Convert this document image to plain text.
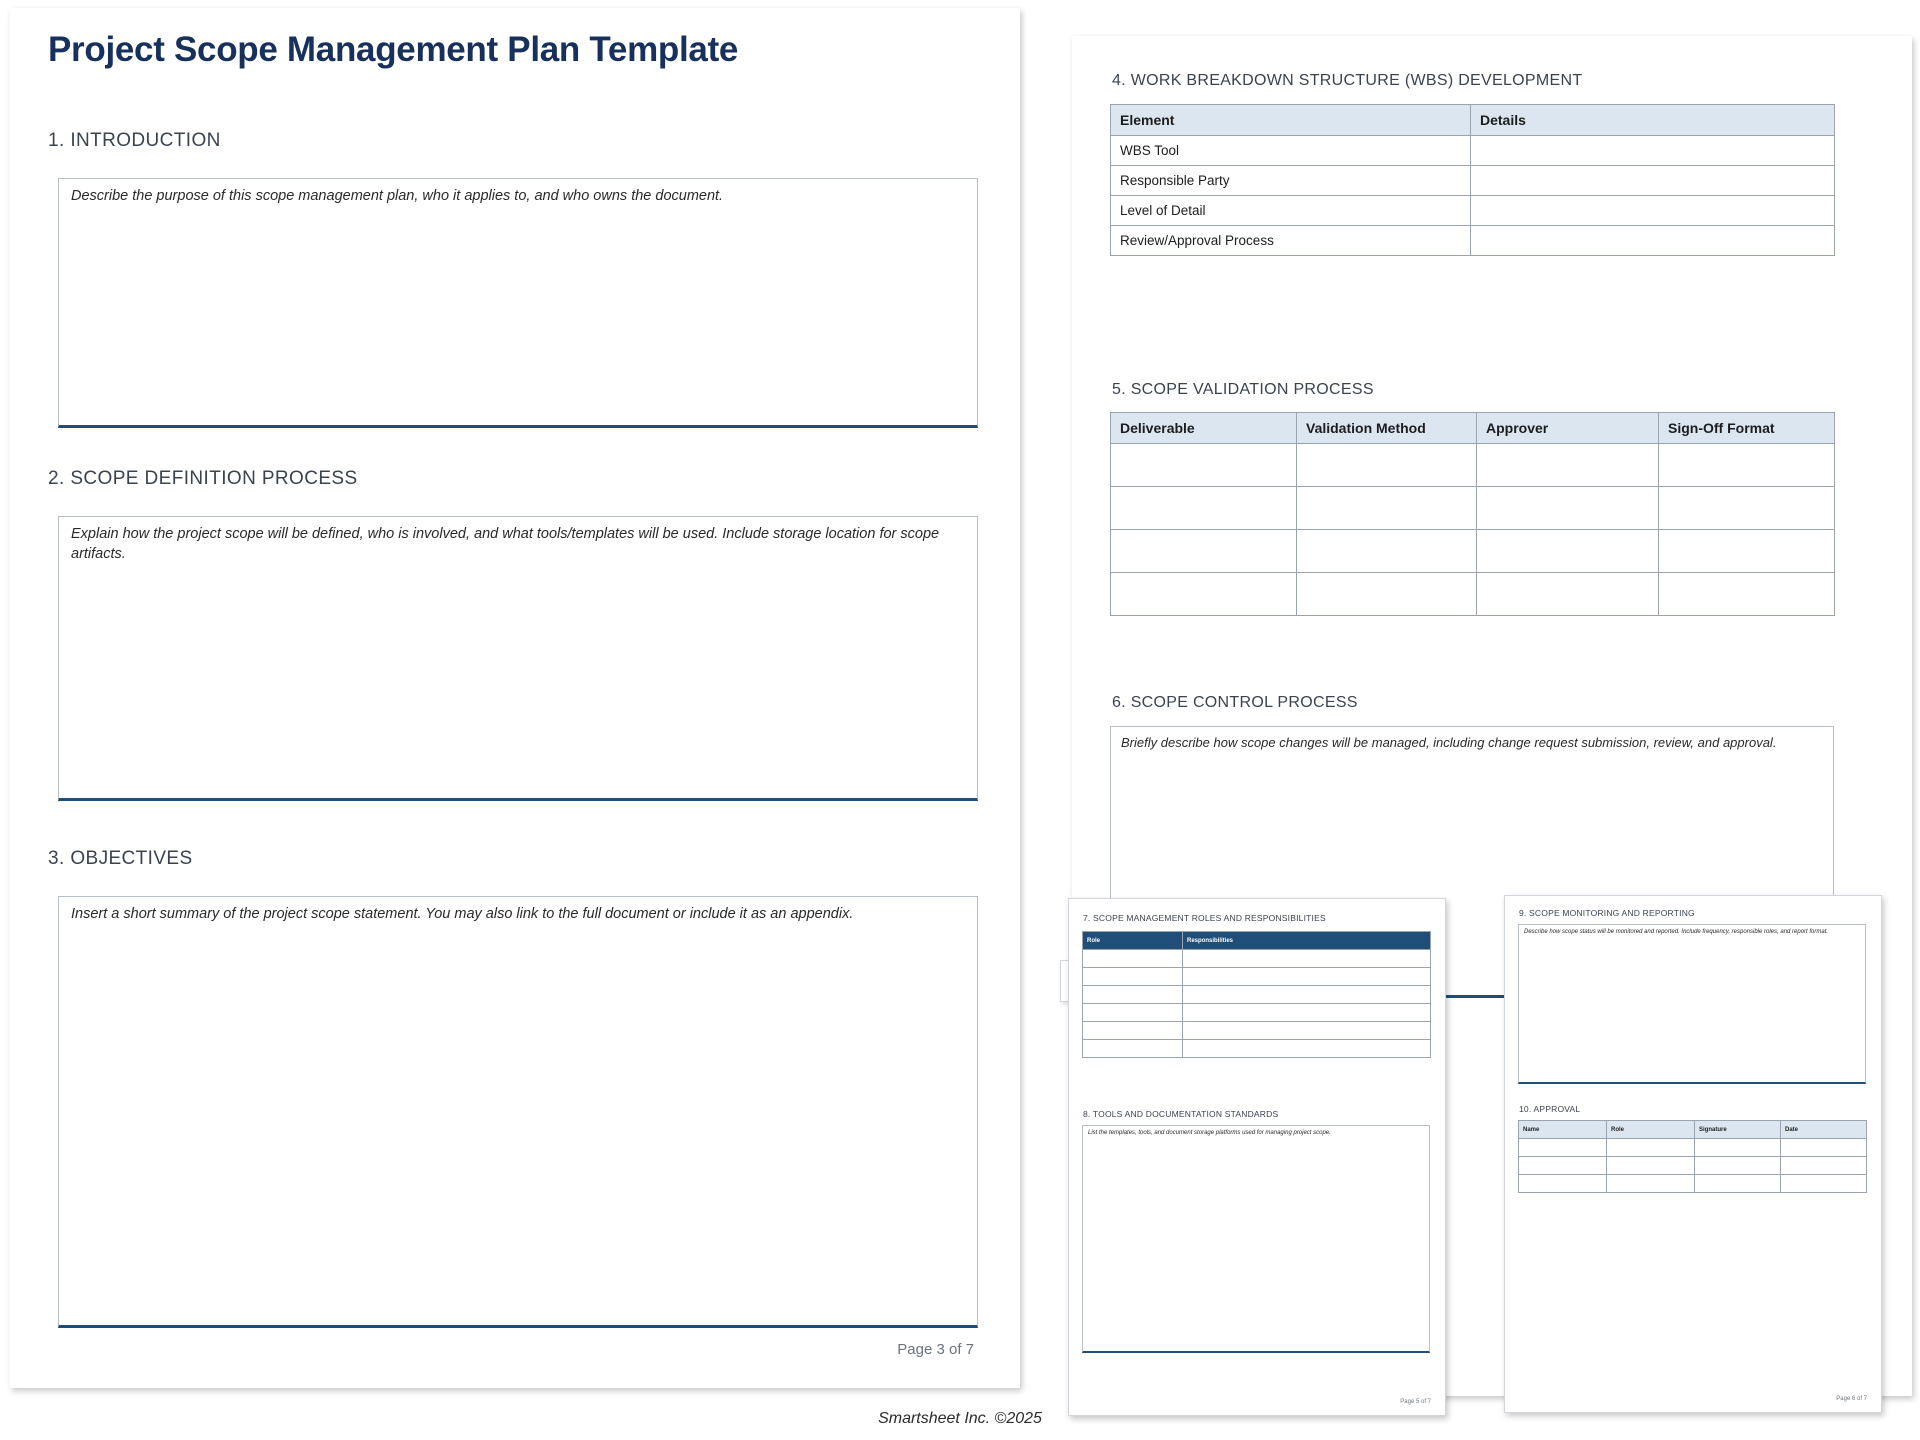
Project Scope Management Plan Template
1. INTRODUCTION
Describe the purpose of this scope management plan, who it applies to, and who owns the document.
2. SCOPE DEFINITION PROCESS
Explain how the project scope will be defined, who is involved, and what tools/templates will be used. Include storage location for scope artifacts.
3. OBJECTIVES
Insert a short summary of the project scope statement. You may also link to the full document or include it as an appendix.
Page 3 of 7
4. WORK BREAKDOWN STRUCTURE (WBS) DEVELOPMENT
Element	Details
WBS Tool	
Responsible Party	
Level of Detail	
Review/Approval Process	
5. SCOPE VALIDATION PROCESS
Deliverable	Validation Method	Approver	Sign-Off Format

6. SCOPE CONTROL PROCESS
Briefly describe how scope changes will be managed, including change request submission, review, and approval.
7. SCOPE MANAGEMENT ROLES AND RESPONSIBILITIES
Role	Responsibilities

8. TOOLS AND DOCUMENTATION STANDARDS
List the templates, tools, and document storage platforms used for managing project scope.
Page 5 of 7
9. SCOPE MONITORING AND REPORTING
Describe how scope status will be monitored and reported. Include frequency, responsible roles, and report format.
10. APPROVAL
Name	Role	Signature	Date

Page 6 of 7
Smartsheet Inc. ©2025
